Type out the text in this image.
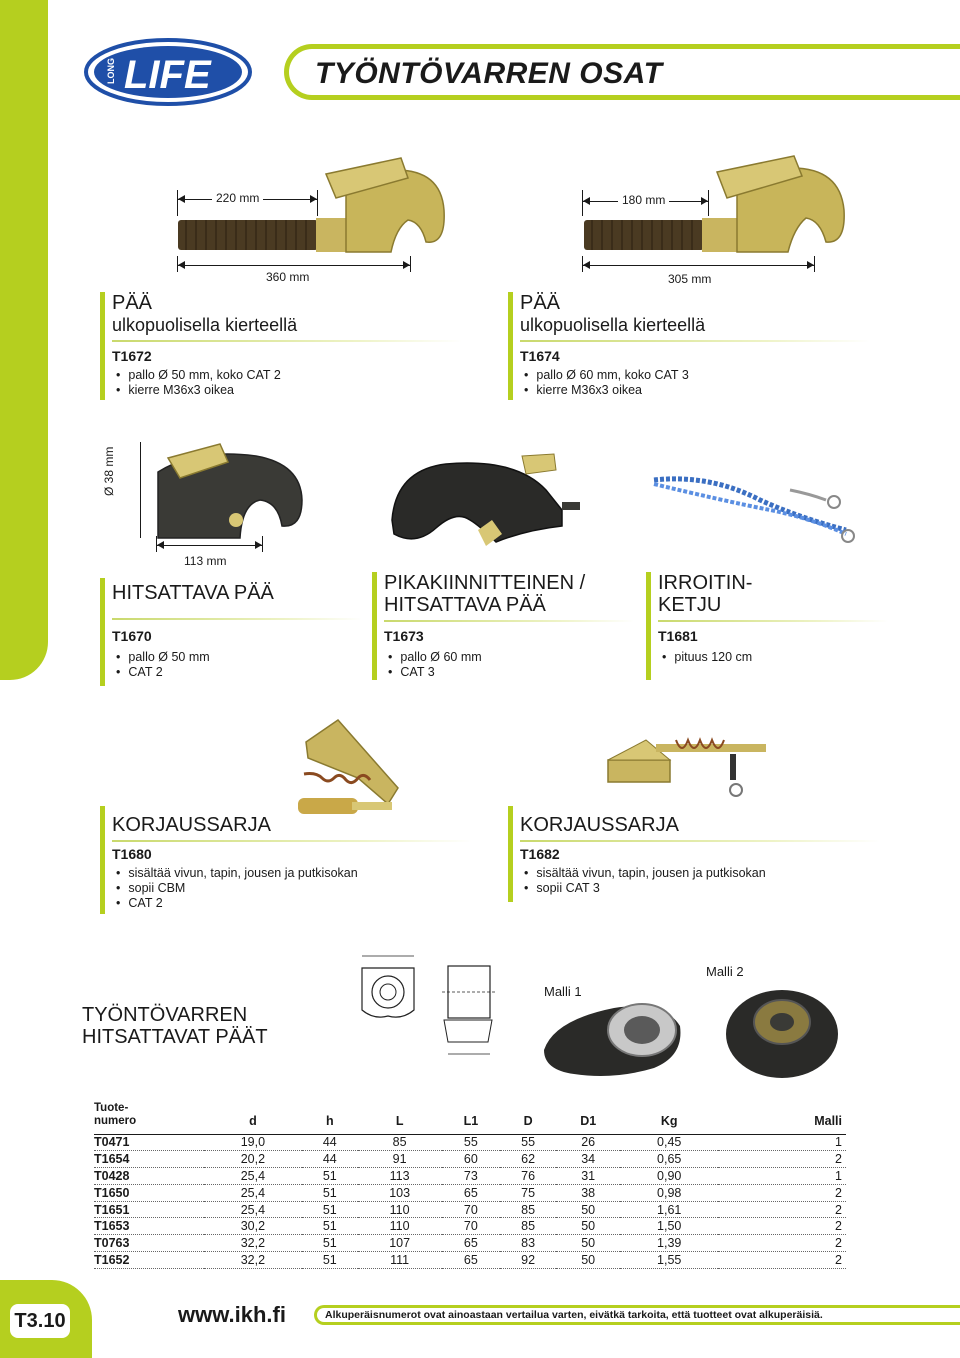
LONG LIFE	TYÖNTÖVARREN OSAT
220 mm
360 mm
PÄÄ
ulkopuolisella kierteellä
T1672
• pallo Ø 50 mm, koko CAT 2
• kierre M36x3 oikea
180 mm
305 mm
PÄÄ
ulkopuolisella kierteellä
T1674
• pallo Ø 60 mm, koko CAT 3
• kierre M36x3 oikea
113 mm
Ø 38 mm
HITSATTAVA PÄÄ
T1670
• pallo Ø 50 mm
• CAT 2
PIKAKIINNITTEINEN /
HITSATTAVA PÄÄ
T1673
• pallo Ø 60 mm
• CAT 3
IRROITIN-
KETJU
T1681
• pituus 120 cm
KORJAUSSARJA
T1680
• sisältää vivun, tapin, jousen ja putkisokan
• sopii CBM
• CAT 2
KORJAUSSARJA
T1682
• sisältää vivun, tapin, jousen ja putkisokan
• sopii CAT 3
TYÖNTÖVARREN
HITSATTAVAT PÄÄT
Malli 1
Malli 2
Tuote-
numero	d	h	L	L1	D	D1	Kg	Malli
T0471	19,0	44	85	55	55	26	0,45	1
T1654	20,2	44	91	60	62	34	0,65	2
T0428	25,4	51	113	73	76	31	0,90	1
T1650	25,4	51	103	65	75	38	0,98	2
T1651	25,4	51	110	70	85	50	1,61	2
T1653	30,2	51	110	70	85	50	1,50	2
T0763	32,2	51	107	65	83	50	1,39	2
T1652	32,2	51	111	65	92	50	1,55	2
T3.10	www.ikh.fi	Alkuperäisnumerot ovat ainoastaan vertailua varten, eivätkä tarkoita, että tuotteet ovat alkuperäisiä.
